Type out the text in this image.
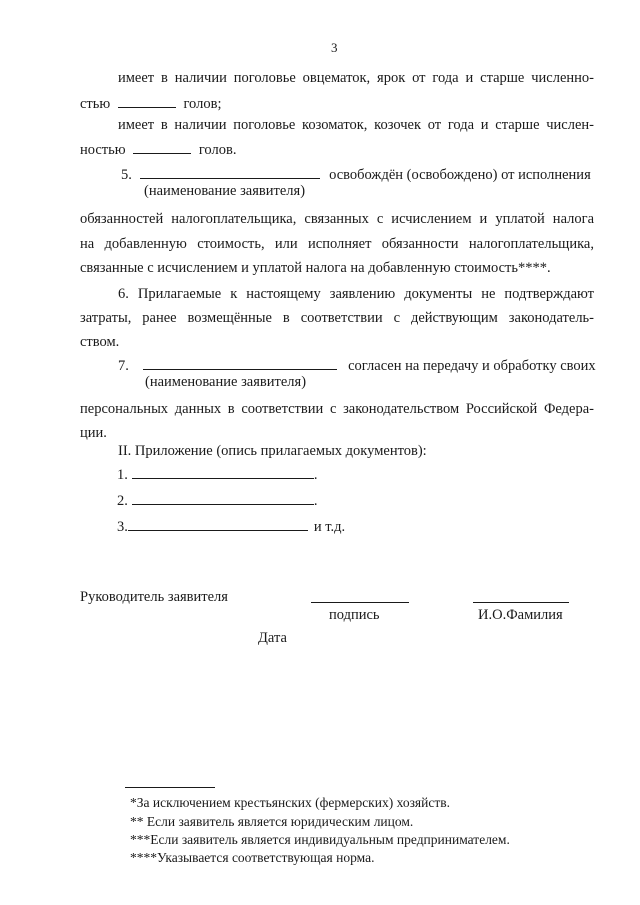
3
имеет в наличии поголовье овцематок, ярок от года и старше численно-
стью	голов;
имеет в наличии поголовье козоматок, козочек от года и старше числен-
ностью	голов.
5.	освобождён (освобождено) от исполнения
(наименование заявителя)
обязанностей налогоплательщика, связанных с исчислением и уплатой налога
на добавленную стоимость, или исполняет обязанности налогоплательщика,
связанные с исчислением и уплатой налога на добавленную стоимость****.
6. Прилагаемые к настоящему заявлению документы не подтверждают
затраты, ранее возмещённые в соответствии с действующим законодатель-
ством.
7.	согласен на передачу и обработку своих
(наименование заявителя)
персональных данных в соответствии с законодательством Российской Федера-
ции.
II. Приложение (опись прилагаемых документов):
1.	.
2.	.
3.	и т.д.
Руководитель заявителя
подпись	И.О.Фамилия
Дата
*За исключением крестьянских (фермерских) хозяйств.
** Если заявитель является юридическим лицом.
***Если заявитель является индивидуальным предпринимателем.
****Указывается соответствующая норма.
